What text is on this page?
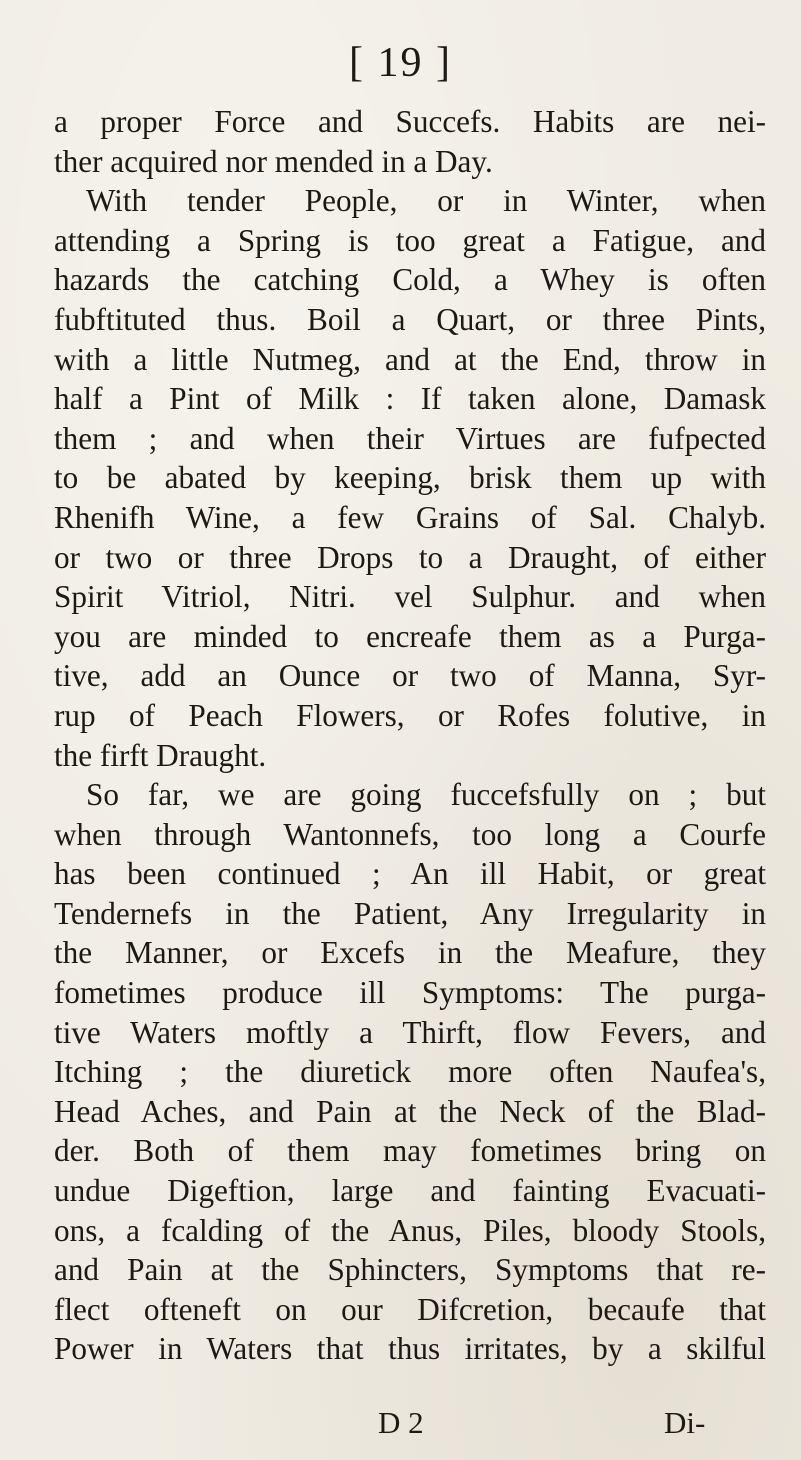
[ 19 ]
a proper Force and Succefs. Habits are nei-
ther acquired nor mended in a Day.
With tender People, or in Winter, when
attending a Spring is too great a Fatigue, and
hazards the catching Cold, a Whey is often
fubftituted thus. Boil a Quart, or three Pints,
with a little Nutmeg, and at the End, throw in
half a Pint of Milk : If taken alone, Damask
them ; and when their Virtues are fufpected
to be abated by keeping, brisk them up with
Rhenifh Wine, a few Grains of Sal. Chalyb.
or two or three Drops to a Draught, of either
Spirit Vitriol, Nitri. vel Sulphur. and when
you are minded to encreafe them as a Purga-
tive, add an Ounce or two of Manna, Syr-
rup of Peach Flowers, or Rofes folutive, in
the firft Draught.
So far, we are going fuccefsfully on ; but
when through Wantonnefs, too long a Courfe
has been continued ; An ill Habit, or great
Tendernefs in the Patient, Any Irregularity in
the Manner, or Excefs in the Meafure, they
fometimes produce ill Symptoms: The purga-
tive Waters moftly a Thirft, flow Fevers, and
Itching ; the diuretick more often Naufea's,
Head Aches, and Pain at the Neck of the Blad-
der. Both of them may fometimes bring on
undue Digeftion, large and fainting Evacuati-
ons, a fcalding of the Anus, Piles, bloody Stools,
and Pain at the Sphincters, Symptoms that re-
flect ofteneft on our Difcretion, becaufe that
Power in Waters that thus irritates, by a skilful
D 2	Di-
